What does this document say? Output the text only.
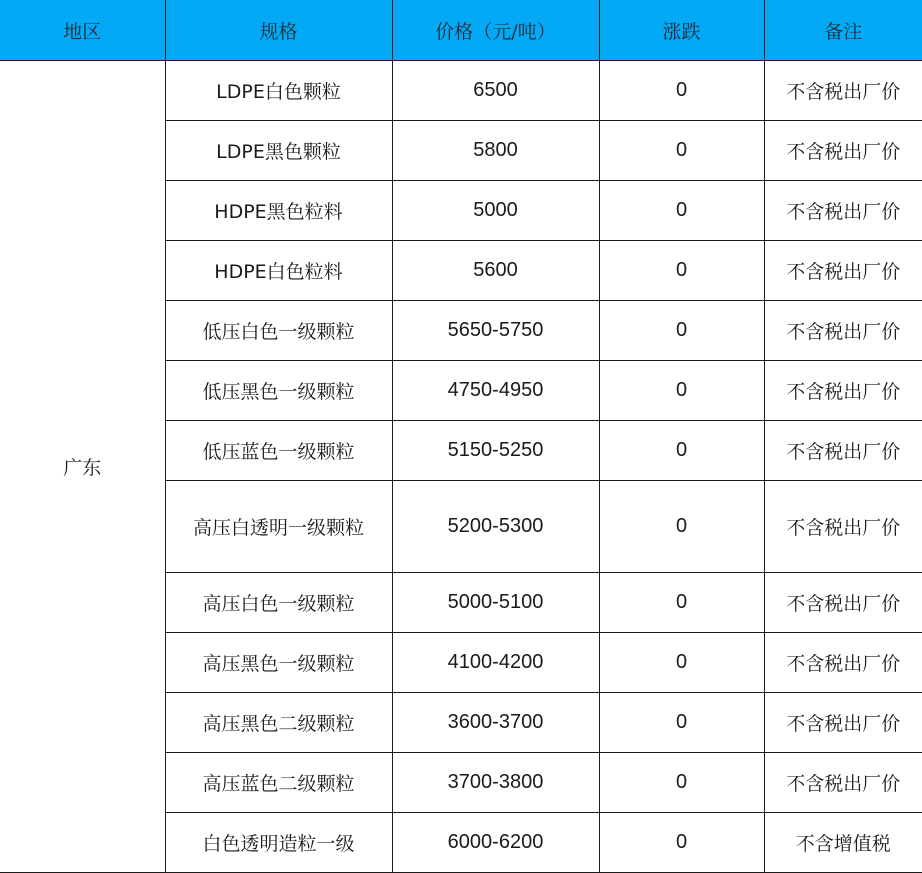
地区	规格	价格（元/吨）	涨跌	备注
广东	LDPE白色颗粒	6500	0	不含税出厂价
	LDPE黑色颗粒	5800	0	不含税出厂价
	HDPE黑色粒料	5000	0	不含税出厂价
	HDPE白色粒料	5600	0	不含税出厂价
	低压白色一级颗粒	5650-5750	0	不含税出厂价
	低压黑色一级颗粒	4750-4950	0	不含税出厂价
	低压蓝色一级颗粒	5150-5250	0	不含税出厂价
	高压白透明一级颗粒	5200-5300	0	不含税出厂价
	高压白色一级颗粒	5000-5100	0	不含税出厂价
	高压黑色一级颗粒	4100-4200	0	不含税出厂价
	高压黑色二级颗粒	3600-3700	0	不含税出厂价
	高压蓝色二级颗粒	3700-3800	0	不含税出厂价
	白色透明造粒一级	6000-6200	0	不含增值税
